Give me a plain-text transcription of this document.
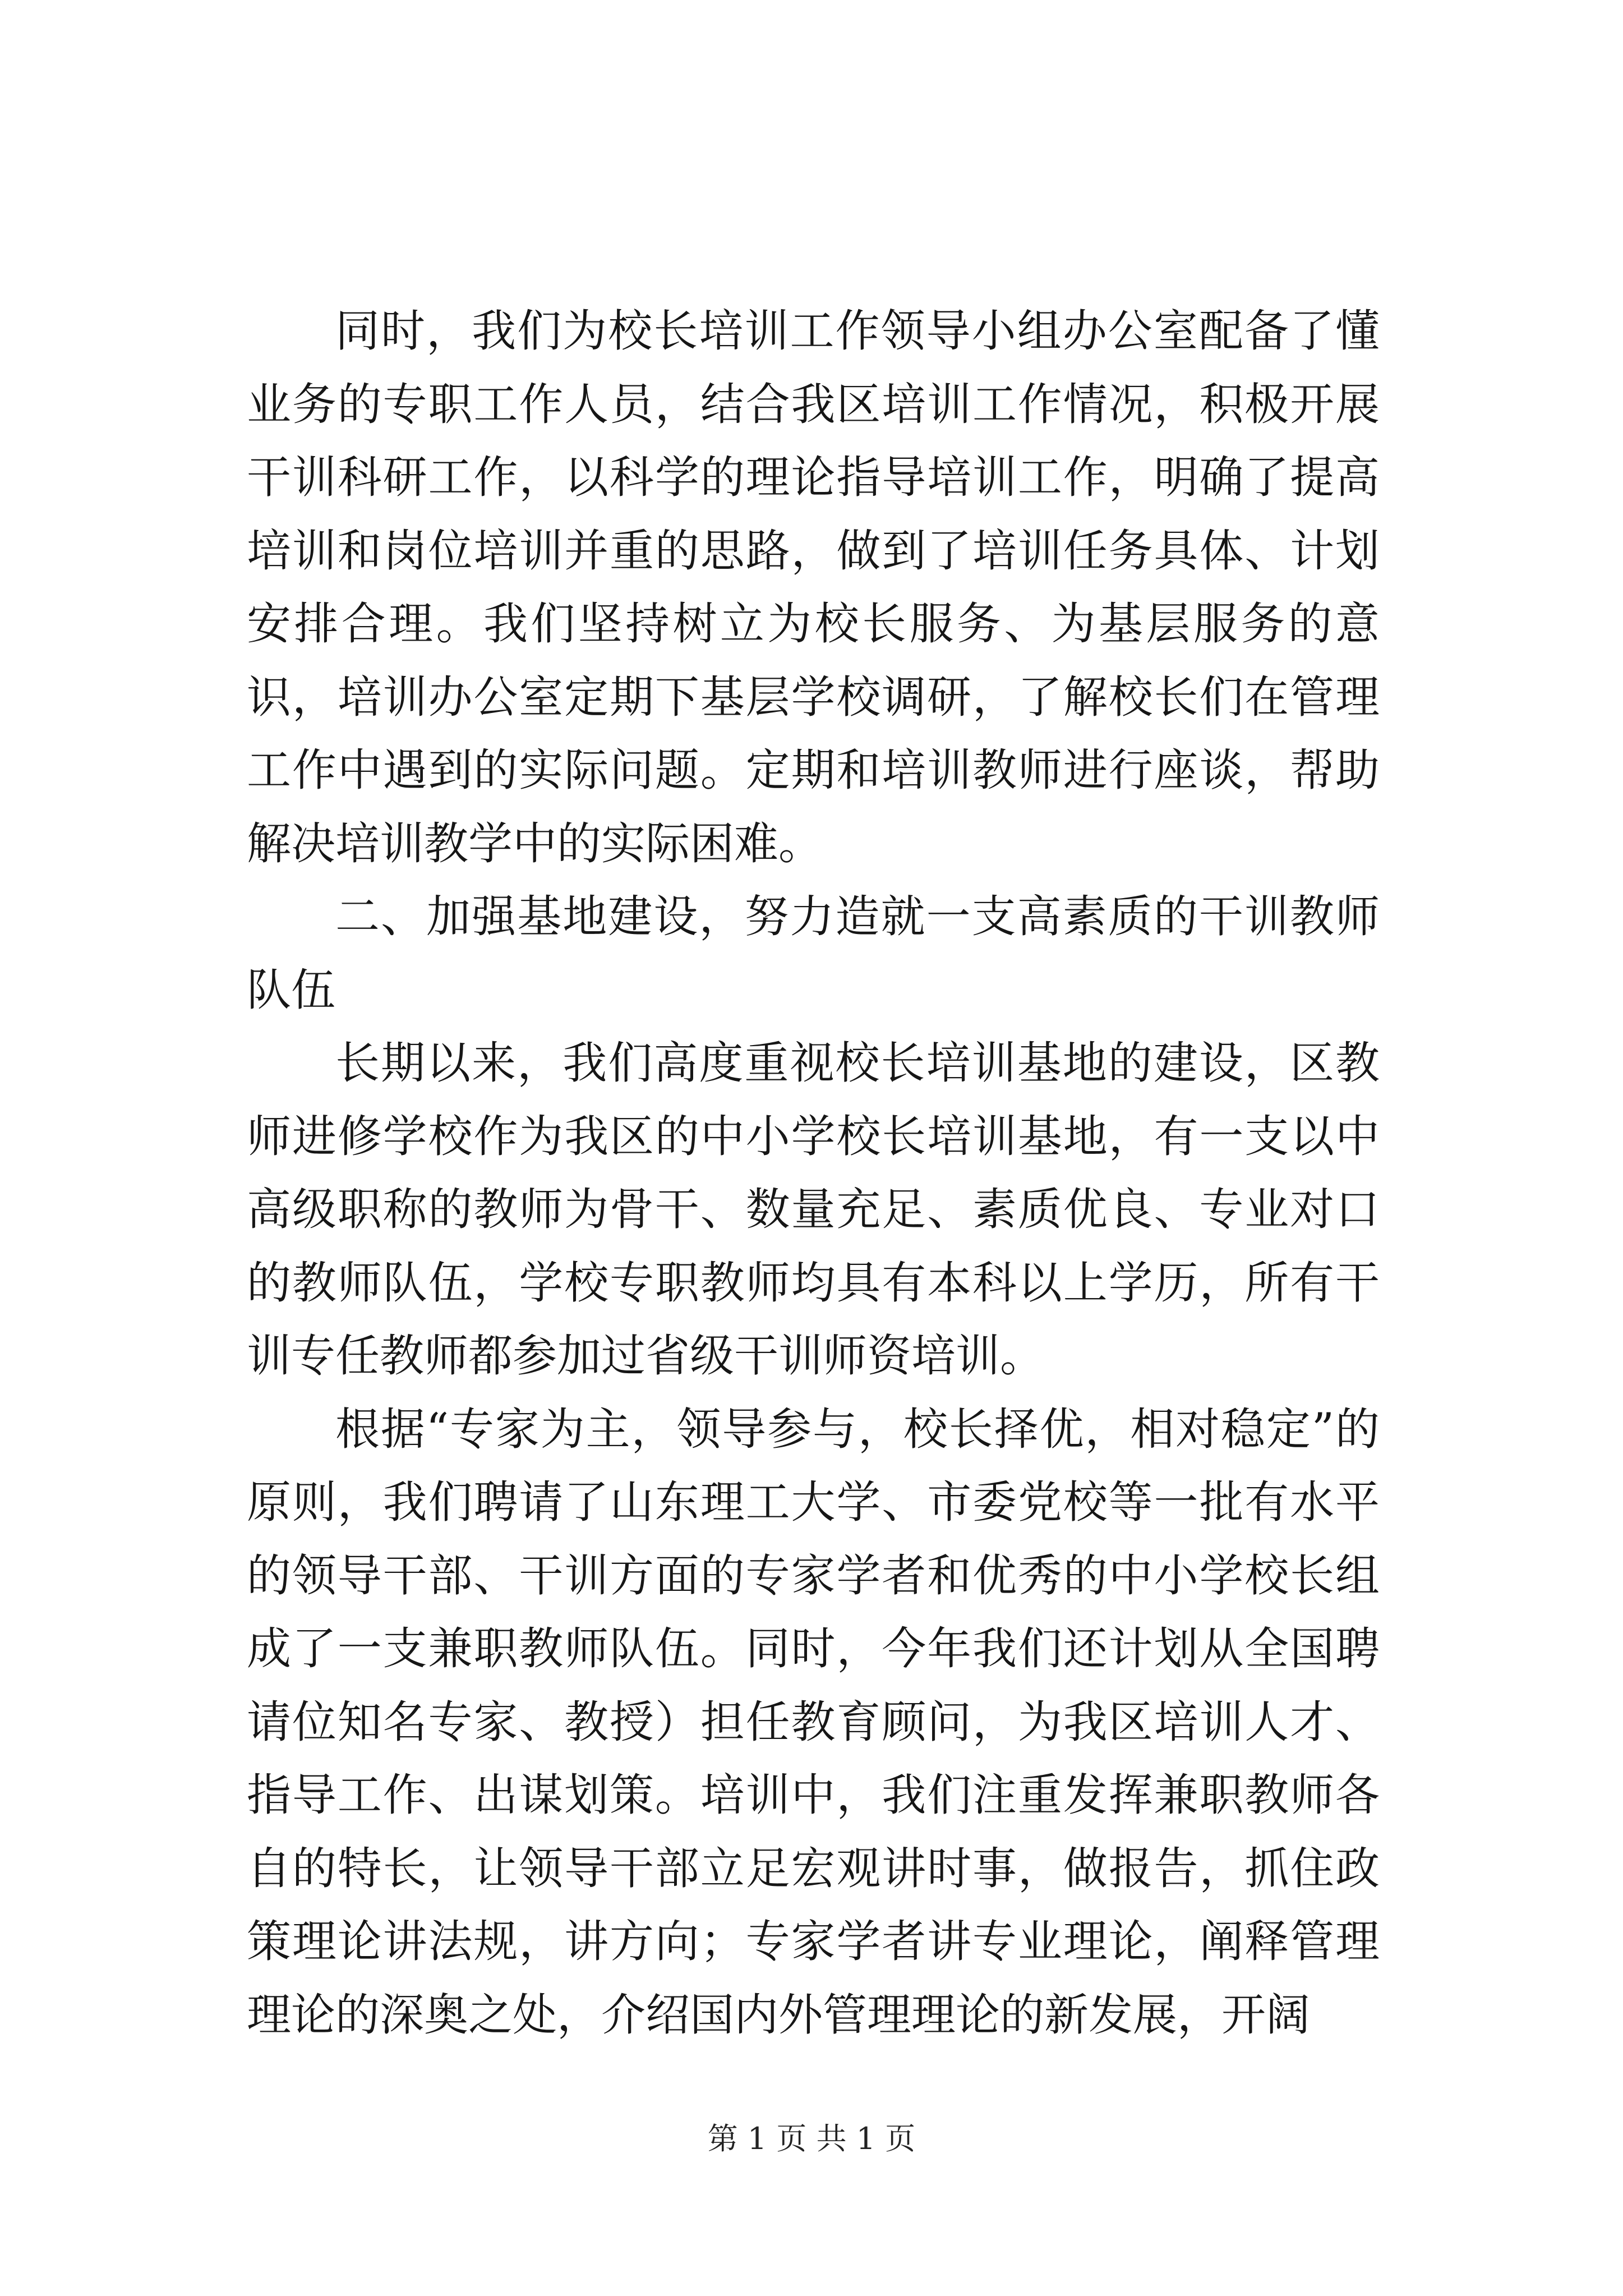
同时，我们为校长培训工作领导小组办公室配备了懂业务的专职工作人员，结合我区培训工作情况，积极开展干训科研工作，以科学的理论指导培训工作，明确了提高培训和岗位培训并重的思路，做到了培训任务具体、计划安排合理。我们坚持树立为校长服务、为基层服务的意识，培训办公室定期下基层学校调研，了解校长们在管理工作中遇到的实际问题。定期和培训教师进行座谈，帮助解决培训教学中的实际困难。

二、加强基地建设，努力造就一支高素质的干训教师队伍

长期以来，我们高度重视校长培训基地的建设，区教师进修学校作为我区的中小学校长培训基地，有一支以中高级职称的教师为骨干、数量充足、素质优良、专业对口的教师队伍，学校专职教师均具有本科以上学历，所有干训专任教师都参加过省级干训师资培训。

根据“专家为主，领导参与，校长择优，相对稳定”的原则，我们聘请了山东理工大学、市委党校等一批有水平的领导干部、干训方面的专家学者和优秀的中小学校长组成了一支兼职教师队伍。同时，今年我们还计划从全国聘请位知名专家、教授）担任教育顾问，为我区培训人才、指导工作、出谋划策。培训中，我们注重发挥兼职教师各自的特长，让领导干部立足宏观讲时事，做报告，抓住政策理论讲法规，讲方向；专家学者讲专业理论，阐释管理理论的深奥之处，介绍国内外管理理论的新发展，开阔

第 1 页 共 1 页
